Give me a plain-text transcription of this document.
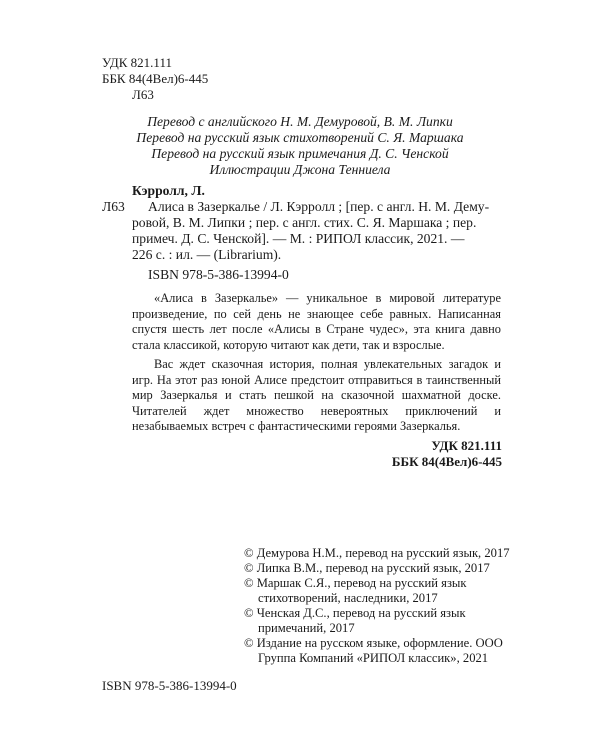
УДК 821.111
ББК 84(4Вел)6-445
Л63
Перевод с английского Н. М. Демуровой, В. М. Липки
Перевод на русский язык стихотворений С. Я. Маршака
Перевод на русский язык примечания Д. С. Ченской
Иллюстрации Джона Тенниела
Кэрролл, Л.
Л63 Алиса в Зазеркалье / Л. Кэрролл ; [пер. с англ. Н. М. Дему-
ровой, В. М. Липки ; пер. с англ. стих. С. Я. Маршака ; пер.
примеч. Д. С. Ченской]. — М. : РИПОЛ классик, 2021. —
226 с. : ил. — (Librarium).
ISBN 978-5-386-13994-0

«Алиса в Зазеркалье» — уникальное в мировой литературе произведение, по сей день не знающее себе равных. Написанная спустя шесть лет после «Алисы в Стране чудес», эта книга давно стала классикой, которую читают как дети, так и взрослые.

Вас ждет сказочная история, полная увлекательных загадок и игр. На этот раз юной Алисе предстоит отправиться в таинственный мир Зазеркалья и стать пешкой на сказочной шахматной доске. Читателей ждет множество невероятных приключений и незабываемых встреч с фантастическими героями Зазеркалья.

УДК 821.111
ББК 84(4Вел)6-445
© Демурова Н.М., перевод на русский язык, 2017
© Липка В.М., перевод на русский язык, 2017
© Маршак С.Я., перевод на русский язык стихотворений, наследники, 2017
© Ченская Д.С., перевод на русский язык примечаний, 2017
© Издание на русском языке, оформление. ООО Группа Компаний «РИПОЛ классик», 2021
ISBN 978-5-386-13994-0
